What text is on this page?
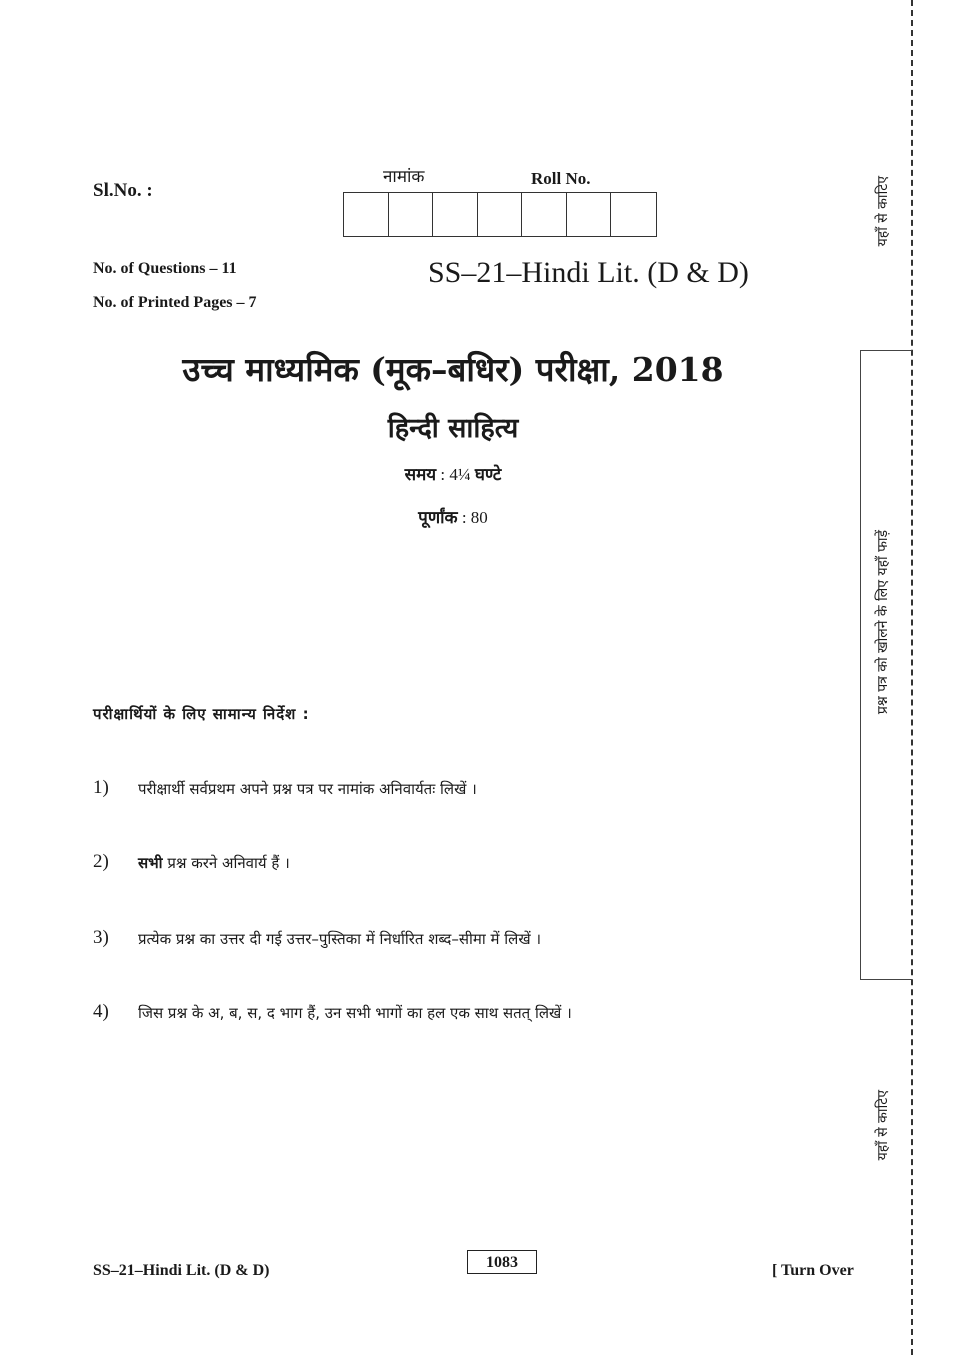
Sl.No. :
नामांक	Roll No.
No. of Questions – 11
No. of Printed Pages – 7
SS–21–Hindi Lit. (D & D)
उच्च माध्यमिक (मूक–बधिर) परीक्षा, 2018
हिन्दी साहित्य
समय : 4¼ घण्टे
पूर्णांक : 80
परीक्षार्थियों के लिए सामान्य निर्देश :
1)	परीक्षार्थी सर्वप्रथम अपने प्रश्न पत्र पर नामांक अनिवार्यतः लिखें ।
2)	सभी प्रश्न करने अनिवार्य हैं ।
3)	प्रत्येक प्रश्न का उत्तर दी गई उत्तर–पुस्तिका में निर्धारित शब्द–सीमा में लिखें ।
4)	जिस प्रश्न के अ, ब, स, द भाग हैं, उन सभी भागों का हल एक साथ सतत् लिखें ।
SS–21–Hindi Lit. (D & D)	1083	[ Turn Over
यहाँ से काटिए
प्रश्न पत्र को खोलने के लिए यहाँ फाड़ें
यहाँ से काटिए
